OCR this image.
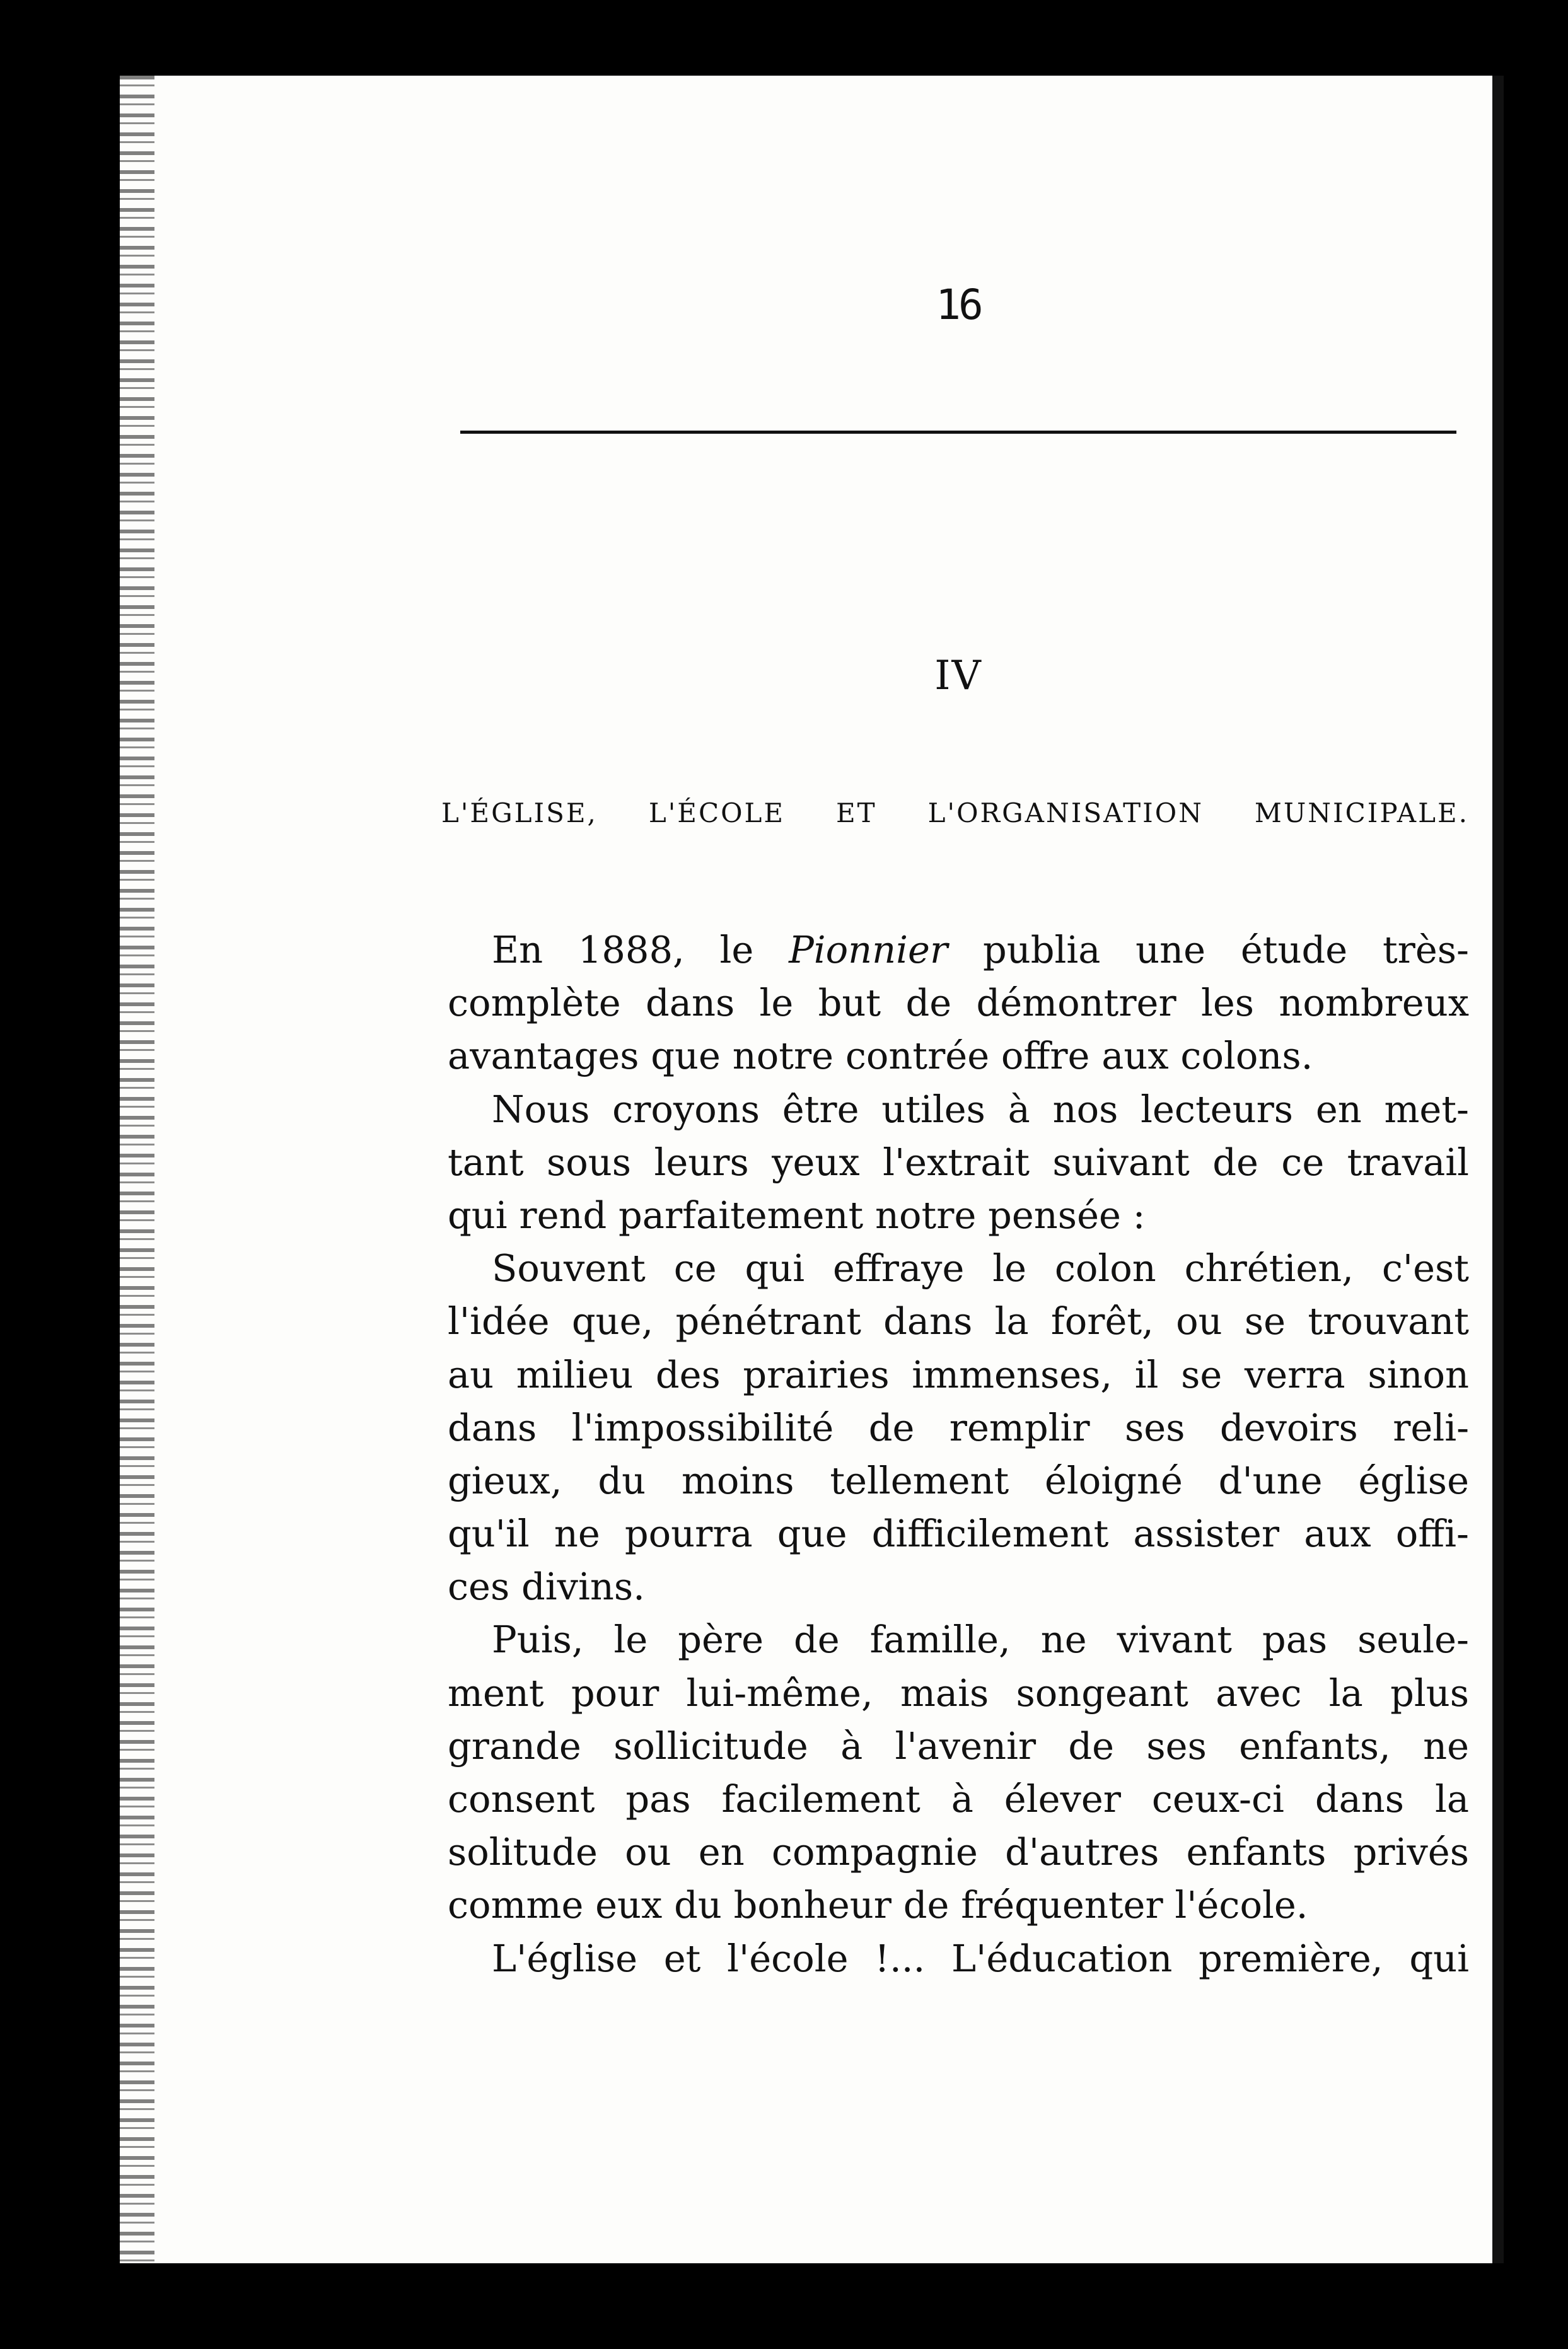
16
IV
L'ÉGLISE, L'ÉCOLE ET L'ORGANISATION MUNICIPALE.
En 1888, le Pionnier publia une étude très-
complète dans le but de démontrer les nombreux
avantages que notre contrée offre aux colons.
Nous croyons être utiles à nos lecteurs en met-
tant sous leurs yeux l'extrait suivant de ce travail
qui rend parfaitement notre pensée :
Souvent ce qui effraye le colon chrétien, c'est
l'idée que, pénétrant dans la forêt, ou se trouvant
au milieu des prairies immenses, il se verra sinon
dans l'impossibilité de remplir ses devoirs reli-
gieux, du moins tellement éloigné d'une église
qu'il ne pourra que difficilement assister aux offi-
ces divins.
Puis, le père de famille, ne vivant pas seule-
ment pour lui-même, mais songeant avec la plus
grande sollicitude à l'avenir de ses enfants, ne
consent pas facilement à élever ceux-ci dans la
solitude ou en compagnie d'autres enfants privés
comme eux du bonheur de fréquenter l'école.
L'église et l'école !... L'éducation première, qui
